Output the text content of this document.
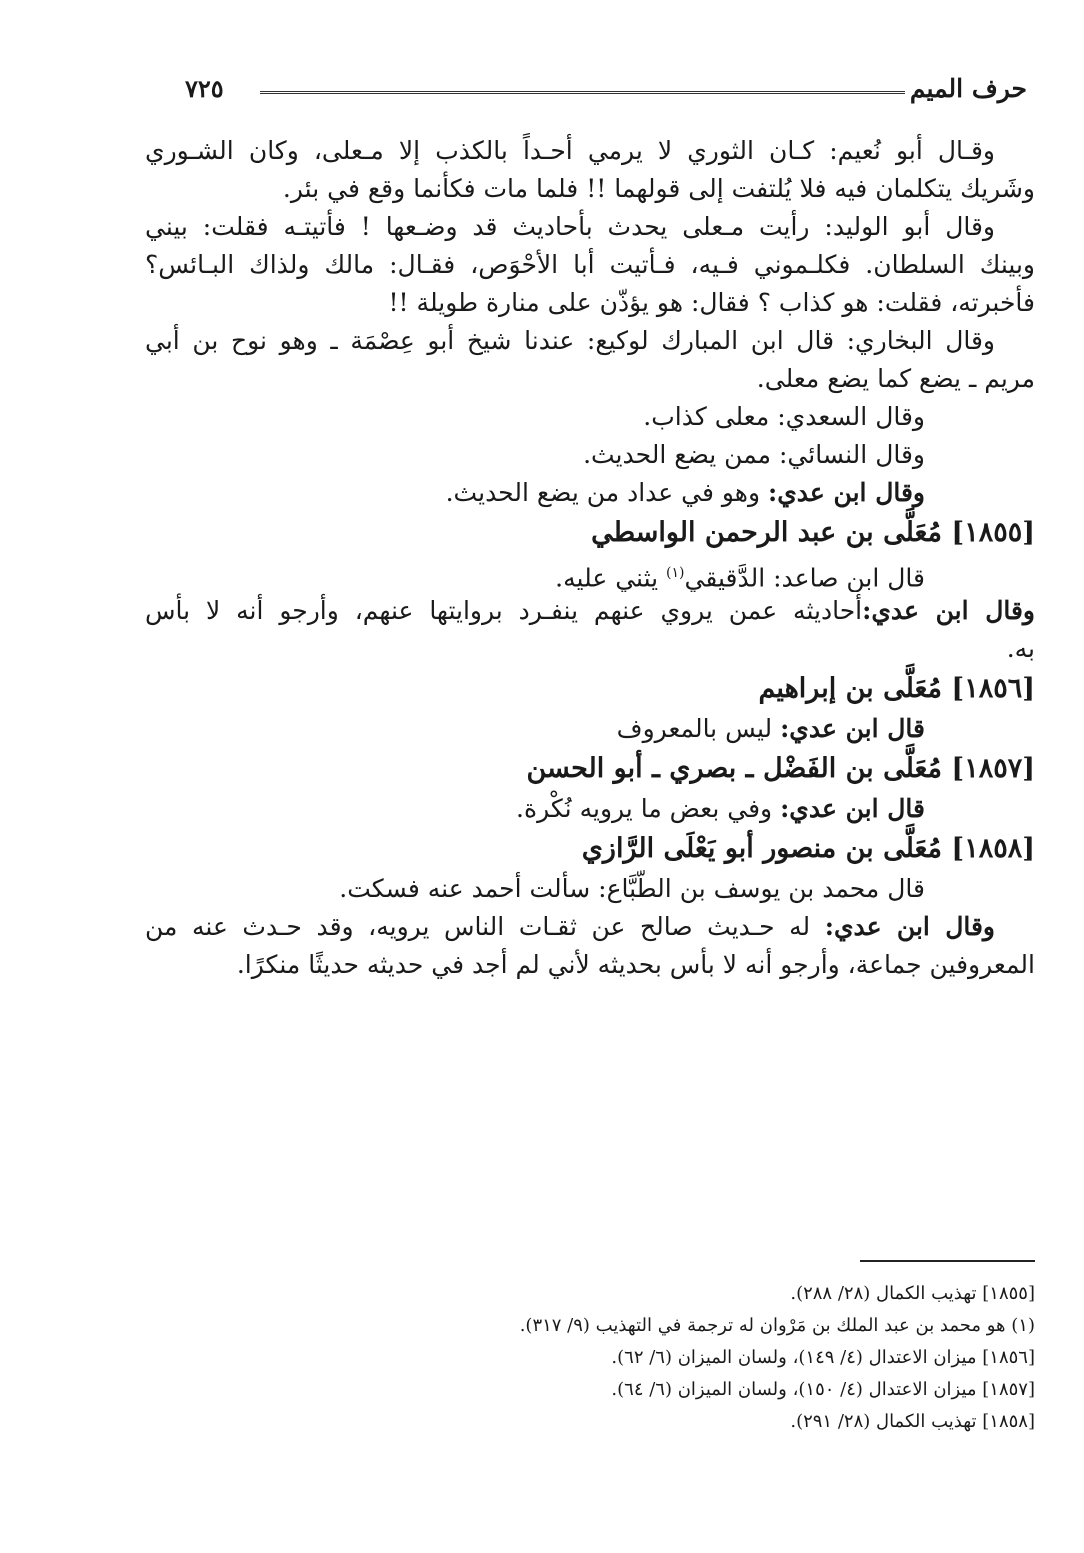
حرف الميم
٧٢٥
وقـال أبو نُعيم: كـان الثوري لا يرمي أحـداً بالكذب إلا مـعلى، وكان الشـوري
وشَريك يتكلمان فيه فلا يُلتفت إلى قولهما !! فلما مات فكأنما وقع في بئر.
وقال أبو الوليد: رأيت مـعلى يحدث بأحاديث قد وضـعها ! فأتيتـه فقلت: بيني
وبينك السلطان. فكلـموني فـيه، فـأتيت أبا الأحْوَص، فقـال: مالك ولذاك البـائس؟
فأخبرته، فقلت: هو كذاب ؟ فقال: هو يؤذّن على منارة طويلة !!
وقال البخاري: قال ابن المبارك لوكيع: عندنا شيخ أبو عِصْمَة ـ وهو نوح بن أبي
مريم ـ يضع كما يضع معلى.
وقال السعدي: معلى كذاب.
وقال النسائي: ممن يضع الحديث.
وقال ابن عدي: وهو في عداد من يضع الحديث.
[١٨٥٥] مُعَلَّى بن عبد الرحمن الواسطي
قال ابن صاعد: الدَّقيقي$^{(١)}$ يثني عليه.
وقال ابن عدي:أحاديثه عمن يروي عنهم ينفـرد بروايتها عنهم، وأرجو أنه لا بأس
به.
[١٨٥٦] مُعَلَّى بن إبراهيم
قال ابن عدي: ليس بالمعروف
[١٨٥٧] مُعَلَّى بن الفَضْل ـ بصري ـ أبو الحسن
قال ابن عدي: وفي بعض ما يرويه نُكْرة.
[١٨٥٨] مُعَلَّى بن منصور أبو يَعْلَى الرَّازي
قال محمد بن يوسف بن الطَّبَّاع: سألت أحمد عنه فسكت.
وقال ابن عدي: له حـديث صالح عن ثقـات الناس يرويه، وقد حـدث عنه من
المعروفين جماعة، وأرجو أنه لا بأس بحديثه لأني لم أجد في حديثه حديثًا منكرًا.
[١٨٥٥] تهذيب الكمال (٢٨/ ٢٨٨).
(١) هو محمد بن عبد الملك بن مَرْوان له ترجمة في التهذيب (٩/ ٣١٧).
[١٨٥٦] ميزان الاعتدال (٤/ ١٤٩)، ولسان الميزان (٦/ ٦٢).
[١٨٥٧] ميزان الاعتدال (٤/ ١٥٠)، ولسان الميزان (٦/ ٦٤).
[١٨٥٨] تهذيب الكمال (٢٨/ ٢٩١).
